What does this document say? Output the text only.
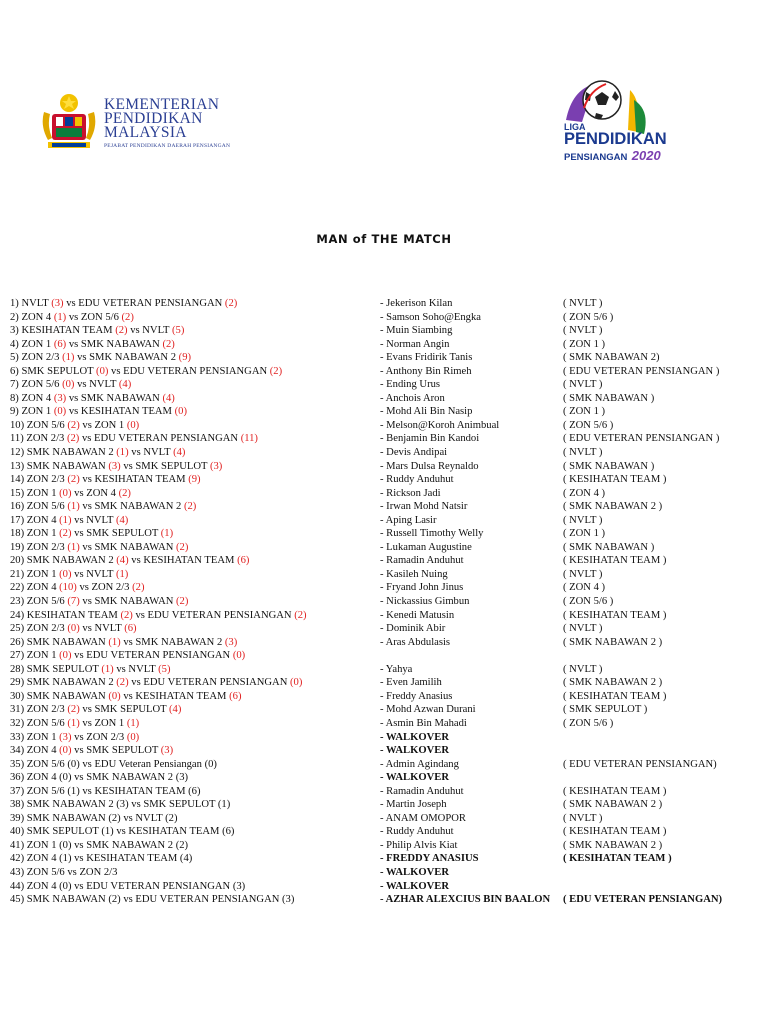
KEMENTERIAN
PENDIDIKAN
MALAYSIA
PEJABAT PENDIDIKAN DAERAH PENSIANGAN
LIGA
PENDIDIKAN
PENSIANGAN 2020
MAN of THE MATCH
1) NVLT (3) vs EDU VETERAN PENSIANGAN (2)	- Jekerison Kilan	( NVLT )
2) ZON 4 (1) vs ZON 5/6 (2)	- Samson Soho@Engka	( ZON 5/6 )
3) KESIHATAN TEAM (2) vs NVLT (5)	- Muin Siambing	( NVLT )
4) ZON 1 (6) vs SMK NABAWAN (2)	- Norman Angin	( ZON 1 )
5) ZON 2/3 (1) vs SMK NABAWAN 2 (9)	- Evans Fridirik Tanis	( SMK NABAWAN 2)
6) SMK SEPULOT (0) vs EDU VETERAN PENSIANGAN (2)	- Anthony Bin Rimeh	( EDU VETERAN PENSIANGAN )
7) ZON 5/6 (0) vs NVLT (4)	- Ending Urus	( NVLT )
8) ZON 4 (3) vs SMK NABAWAN (4)	- Anchois Aron	( SMK NABAWAN )
9) ZON 1 (0) vs KESIHATAN TEAM (0)	- Mohd Ali Bin Nasip	( ZON 1 )
10) ZON 5/6 (2) vs ZON 1 (0)	- Melson@Koroh Animbual	( ZON 5/6 )
11) ZON 2/3 (2) vs EDU VETERAN PENSIANGAN (11)	- Benjamin Bin Kandoi	( EDU VETERAN PENSIANGAN )
12) SMK NABAWAN 2 (1) vs NVLT (4)	- Devis Andipai	( NVLT )
13) SMK NABAWAN (3) vs SMK SEPULOT (3)	- Mars Dulsa Reynaldo	( SMK NABAWAN )
14) ZON 2/3 (2) vs KESIHATAN TEAM (9)	- Ruddy Anduhut	( KESIHATAN TEAM )
15) ZON 1 (0) vs ZON 4 (2)	- Rickson Jadi	( ZON 4 )
16) ZON 5/6 (1) vs SMK NABAWAN 2 (2)	- Irwan Mohd Natsir	( SMK NABAWAN 2 )
17) ZON 4 (1) vs NVLT (4)	- Aping Lasir	( NVLT )
18) ZON 1 (2) vs SMK SEPULOT (1)	- Russell Timothy Welly	( ZON 1 )
19) ZON 2/3 (1) vs SMK NABAWAN (2)	- Lukaman Augustine	( SMK NABAWAN )
20) SMK NABAWAN 2 (4) vs KESIHATAN TEAM (6)	- Ramadin Anduhut	( KESIHATAN TEAM )
21) ZON 1 (0) vs NVLT (1)	- Kasileh Nuing	( NVLT )
22) ZON 4 (10) vs ZON 2/3 (2)	- Fryand John Jinus	( ZON 4 )
23) ZON 5/6 (7) vs SMK NABAWAN (2)	- Nickassius Gimbun	( ZON 5/6 )
24) KESIHATAN TEAM (2) vs EDU VETERAN PENSIANGAN (2)	- Kenedi Matusin	( KESIHATAN TEAM )
25) ZON 2/3 (0) vs NVLT (6)	- Dominik Abir	( NVLT )
26) SMK NABAWAN (1) vs SMK NABAWAN 2 (3)	- Aras Abdulasis	( SMK NABAWAN 2 )
27) ZON 1 (0) vs EDU VETERAN PENSIANGAN (0)
28) SMK SEPULOT (1) vs NVLT (5)	- Yahya	( NVLT )
29) SMK NABAWAN 2 (2) vs EDU VETERAN PENSIANGAN (0)	- Even Jamilih	( SMK NABAWAN 2 )
30) SMK NABAWAN (0) vs KESIHATAN TEAM (6)	- Freddy Anasius	( KESIHATAN TEAM )
31) ZON 2/3 (2) vs SMK SEPULOT (4)	- Mohd Azwan Durani	( SMK SEPULOT )
32) ZON 5/6 (1) vs ZON 1 (1)	- Asmin Bin Mahadi	( ZON 5/6 )
33) ZON 1 (3) vs ZON 2/3 (0)	- WALKOVER
34) ZON 4 (0) vs SMK SEPULOT (3)	- WALKOVER
35) ZON 5/6 (0) vs EDU Veteran Pensiangan (0)	- Admin Agindang	( EDU VETERAN PENSIANGAN)
36) ZON 4 (0) vs SMK NABAWAN 2 (3)	- WALKOVER
37) ZON 5/6 (1) vs KESIHATAN TEAM (6)	- Ramadin Anduhut	( KESIHATAN TEAM )
38) SMK NABAWAN 2 (3) vs SMK SEPULOT (1)	- Martin Joseph	( SMK NABAWAN 2 )
39) SMK NABAWAN (2) vs NVLT (2)	- ANAM OMOPOR	( NVLT )
40) SMK SEPULOT (1) vs KESIHATAN TEAM (6)	- Ruddy Anduhut	( KESIHATAN TEAM )
41) ZON 1 (0) vs SMK NABAWAN 2 (2)	- Philip Alvis Kiat	( SMK NABAWAN 2 )
42) ZON 4 (1) vs KESIHATAN TEAM (4)	- FREDDY ANASIUS	( KESIHATAN TEAM )
43) ZON 5/6 vs ZON 2/3	- WALKOVER
44) ZON 4 (0) vs EDU VETERAN PENSIANGAN (3)	- WALKOVER
45) SMK NABAWAN (2) vs EDU VETERAN PENSIANGAN (3)	- AZHAR ALEXCIUS BIN BAALON ( EDU VETERAN PENSIANGAN)
